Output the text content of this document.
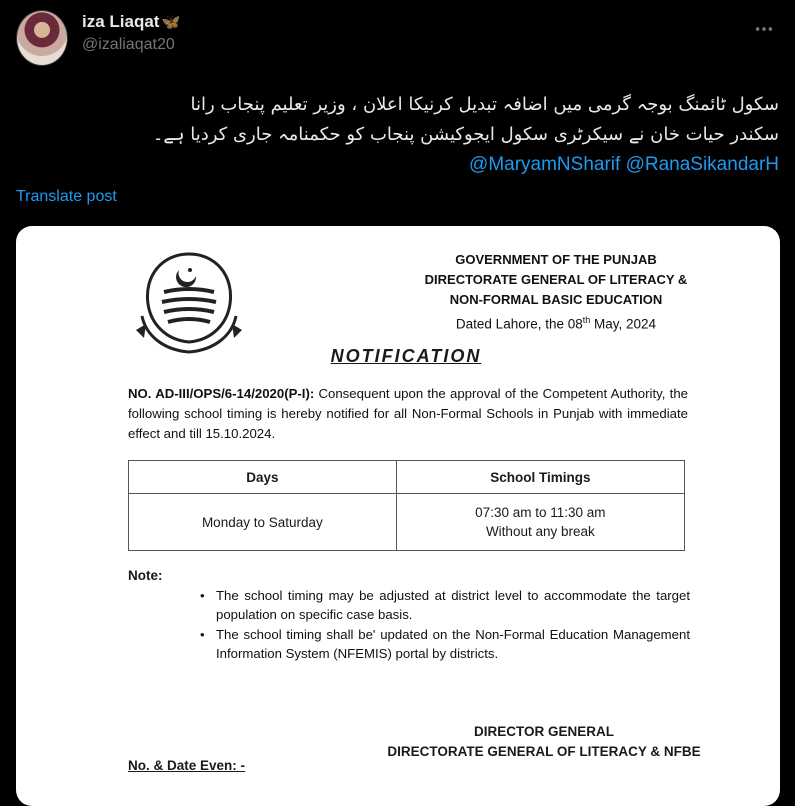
iza Liaqat 🦋
@izaliaqat20
سکول ٹائمنگ بوجہ گرمی میں اضافہ تبدیل کرنیکا اعلان ، وزیر تعلیم پنجاب رانا
سکندر حیات خان نے سیکرٹری سکول ایجوکیشن پنجاب کو حکمنامہ جاری کردیا ہے۔
@MaryamNSharif @RanaSikandarH
Translate post
GOVERNMENT OF THE PUNJAB
DIRECTORATE GENERAL OF LITERACY &
NON-FORMAL BASIC EDUCATION
Dated Lahore, the 08th May, 2024
NOTIFICATION
NO. AD-III/OPS/6-14/2020(P-I): Consequent upon the approval of the Competent Authority, the following school timing is hereby notified for all Non-Formal Schools in Punjab with immediate effect and till 15.10.2024.
Days	School Timings
Monday to Saturday	07:30 am to 11:30 am
Without any break
Note:
• The school timing may be adjusted at district level to accommodate the target population on specific case basis.
• The school timing shall be' updated on the Non-Formal Education Management Information System (NFEMIS) portal by districts.
DIRECTOR GENERAL
DIRECTORATE GENERAL OF LITERACY & NFBE
No. & Date Even: -
